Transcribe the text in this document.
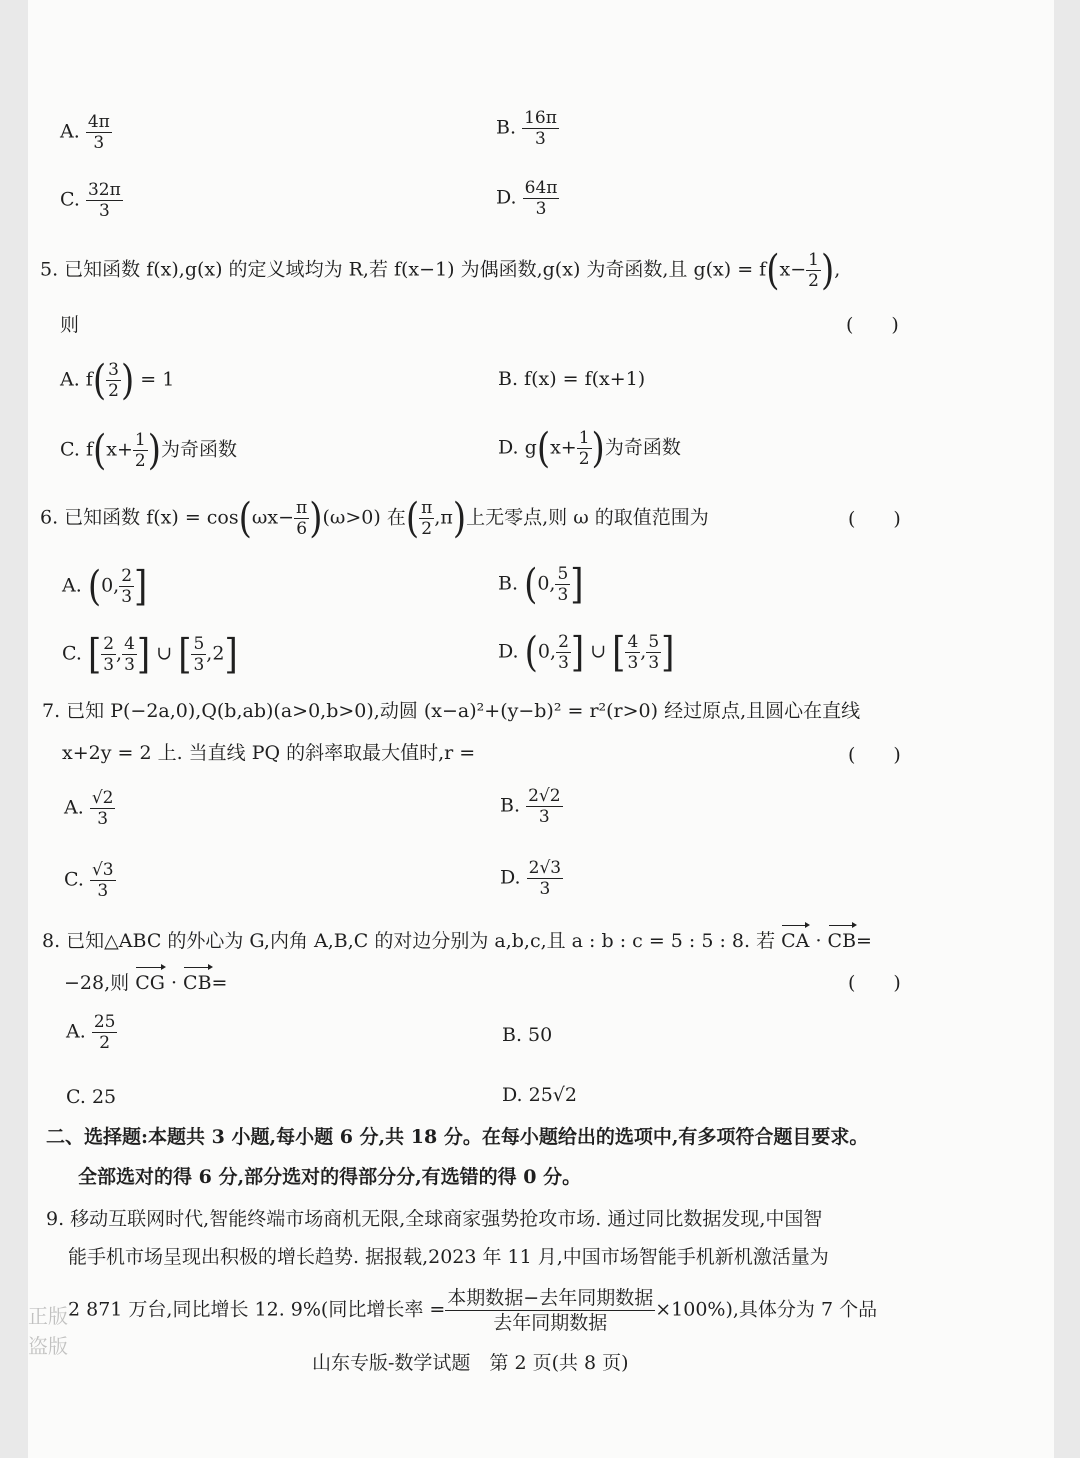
A. $\frac{4\pi}{3}$	B. $\frac{16\pi}{3}$
C. $\frac{32\pi}{3}$	D. $\frac{64\pi}{3}$
5. 已知函数 f(x),g(x) 的定义域均为 R,若 f(x−1) 为偶函数,g(x) 为奇函数,且 $g(x) = f(x- \frac{1}{2}$ ),
则	(　　)
A. $f( \frac{3}{2}$ ) = 1	B. f(x) = f(x+1)
C. $f(x+ \frac{1}{2}$ )为奇函数	D. $g(x+ \frac{1}{2}$ )为奇函数
6. 已知函数 $f(x) = \cos(\omega x- \frac{\pi}{6} )(\omega>0)$ 在( $\frac{\pi}{2} ,\pi$)上无零点,则 ω 的取值范围为	(　　)
A. (0, $\frac{2}{3}$ ]	B. (0, $\frac{5}{3}$ ]
C. [ $\frac{2}{3}$ , $\frac{4}{3}$ ] ∪ [ $\frac{5}{3} ,2$]	D. (0, $\frac{2}{3}$ ] ∪ [ $\frac{4}{3}$ , $\frac{5}{3}$ ]
7. 已知 P(−2a,0),Q(b,ab)(a>0,b>0),动圆 (x−a)²+(y−b)² = r²(r>0) 经过原点,且圆心在直线
x+2y = 2 上. 当直线 PQ 的斜率取最大值时,r =	(　　)
A. $\frac{√2}{3}$	B. $\frac{2√2}{3}$
C. $\frac{√3}{3}$	D. $\frac{2√3}{3}$
8. 已知△ABC 的外心为 G,内角 A,B,C 的对边分别为 a,b,c,且 a : b : c = 5 : 5 : 8. 若 CA · CB=
−28,则 CG · CB=	(　　)
A. $\frac{25}{2}$	B. 50
C. 25	D. 25√2
二、选择题:本题共 3 小题,每小题 6 分,共 18 分。在每小题给出的选项中,有多项符合题目要求。
全部选对的得 6 分,部分选对的得部分分,有选错的得 0 分。
9. 移动互联网时代,智能终端市场商机无限,全球商家强势抢攻市场. 通过同比数据发现,中国智
能手机市场呈现出积极的增长趋势. 据报载,2023 年 11 月,中国市场智能手机新机激活量为
2 871 万台,同比增长 12. 9%(同比增长率 = $\frac{\text{本期数据−去年同期数据}}{\text{去年同期数据}} \times 100\%$),具体分为 7 个品
山东专版-数学试题　第 2 页(共 8 页)
正版
盗版
